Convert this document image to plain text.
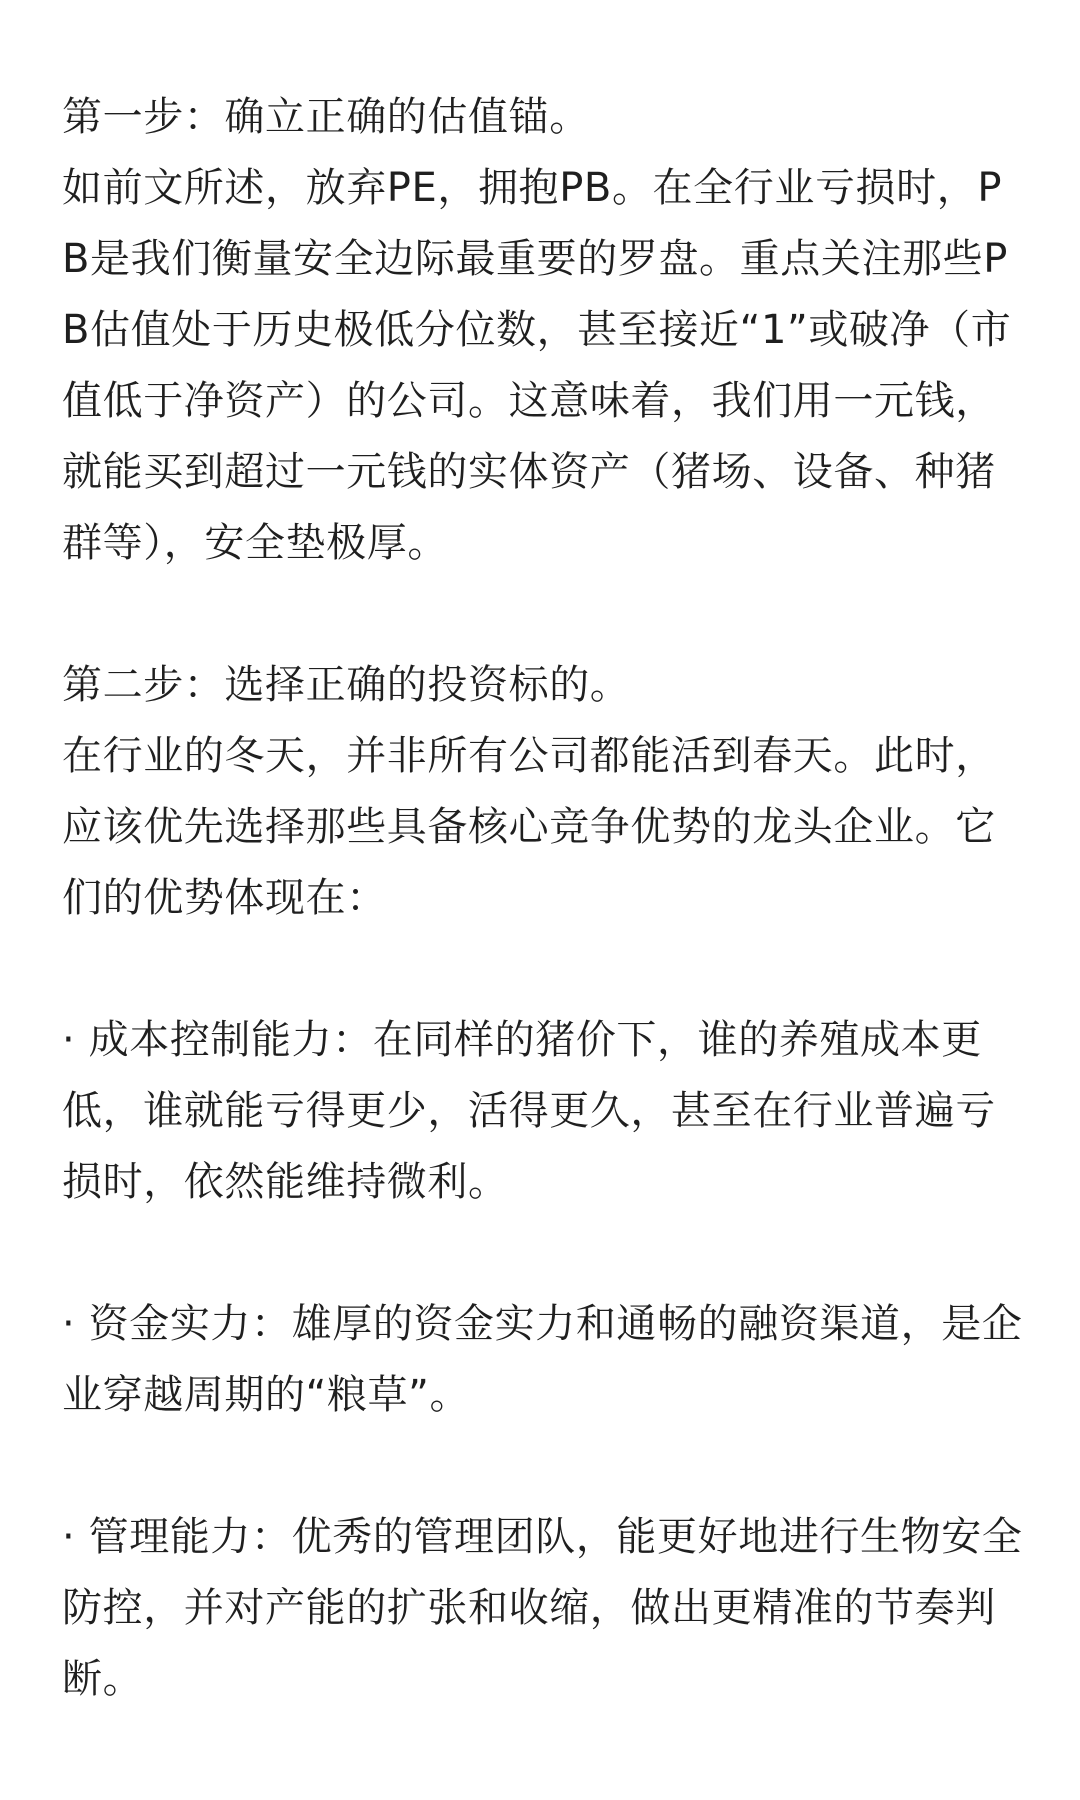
第一步：确立正确的估值锚。

如前文所述，放弃PE，拥抱PB。在全行业亏损时，PB是我们衡量安全边际最重要的罗盘。重点关注那些PB估值处于历史极低分位数，甚至接近“1”或破净（市值低于净资产）的公司。这意味着，我们用一元钱，就能买到超过一元钱的实体资产（猪场、设备、种猪群等），安全垫极厚。

第二步：选择正确的投资标的。

在行业的冬天，并非所有公司都能活到春天。此时，应该优先选择那些具备核心竞争优势的龙头企业。它们的优势体现在：

· 成本控制能力：在同样的猪价下，谁的养殖成本更低，谁就能亏得更少，活得更久，甚至在行业普遍亏损时，依然能维持微利。

· 资金实力：雄厚的资金实力和通畅的融资渠道，是企业穿越周期的“粮草”。

· 管理能力：优秀的管理团队，能更好地进行生物安全防控，并对产能的扩张和收缩，做出更精准的节奏判断。
